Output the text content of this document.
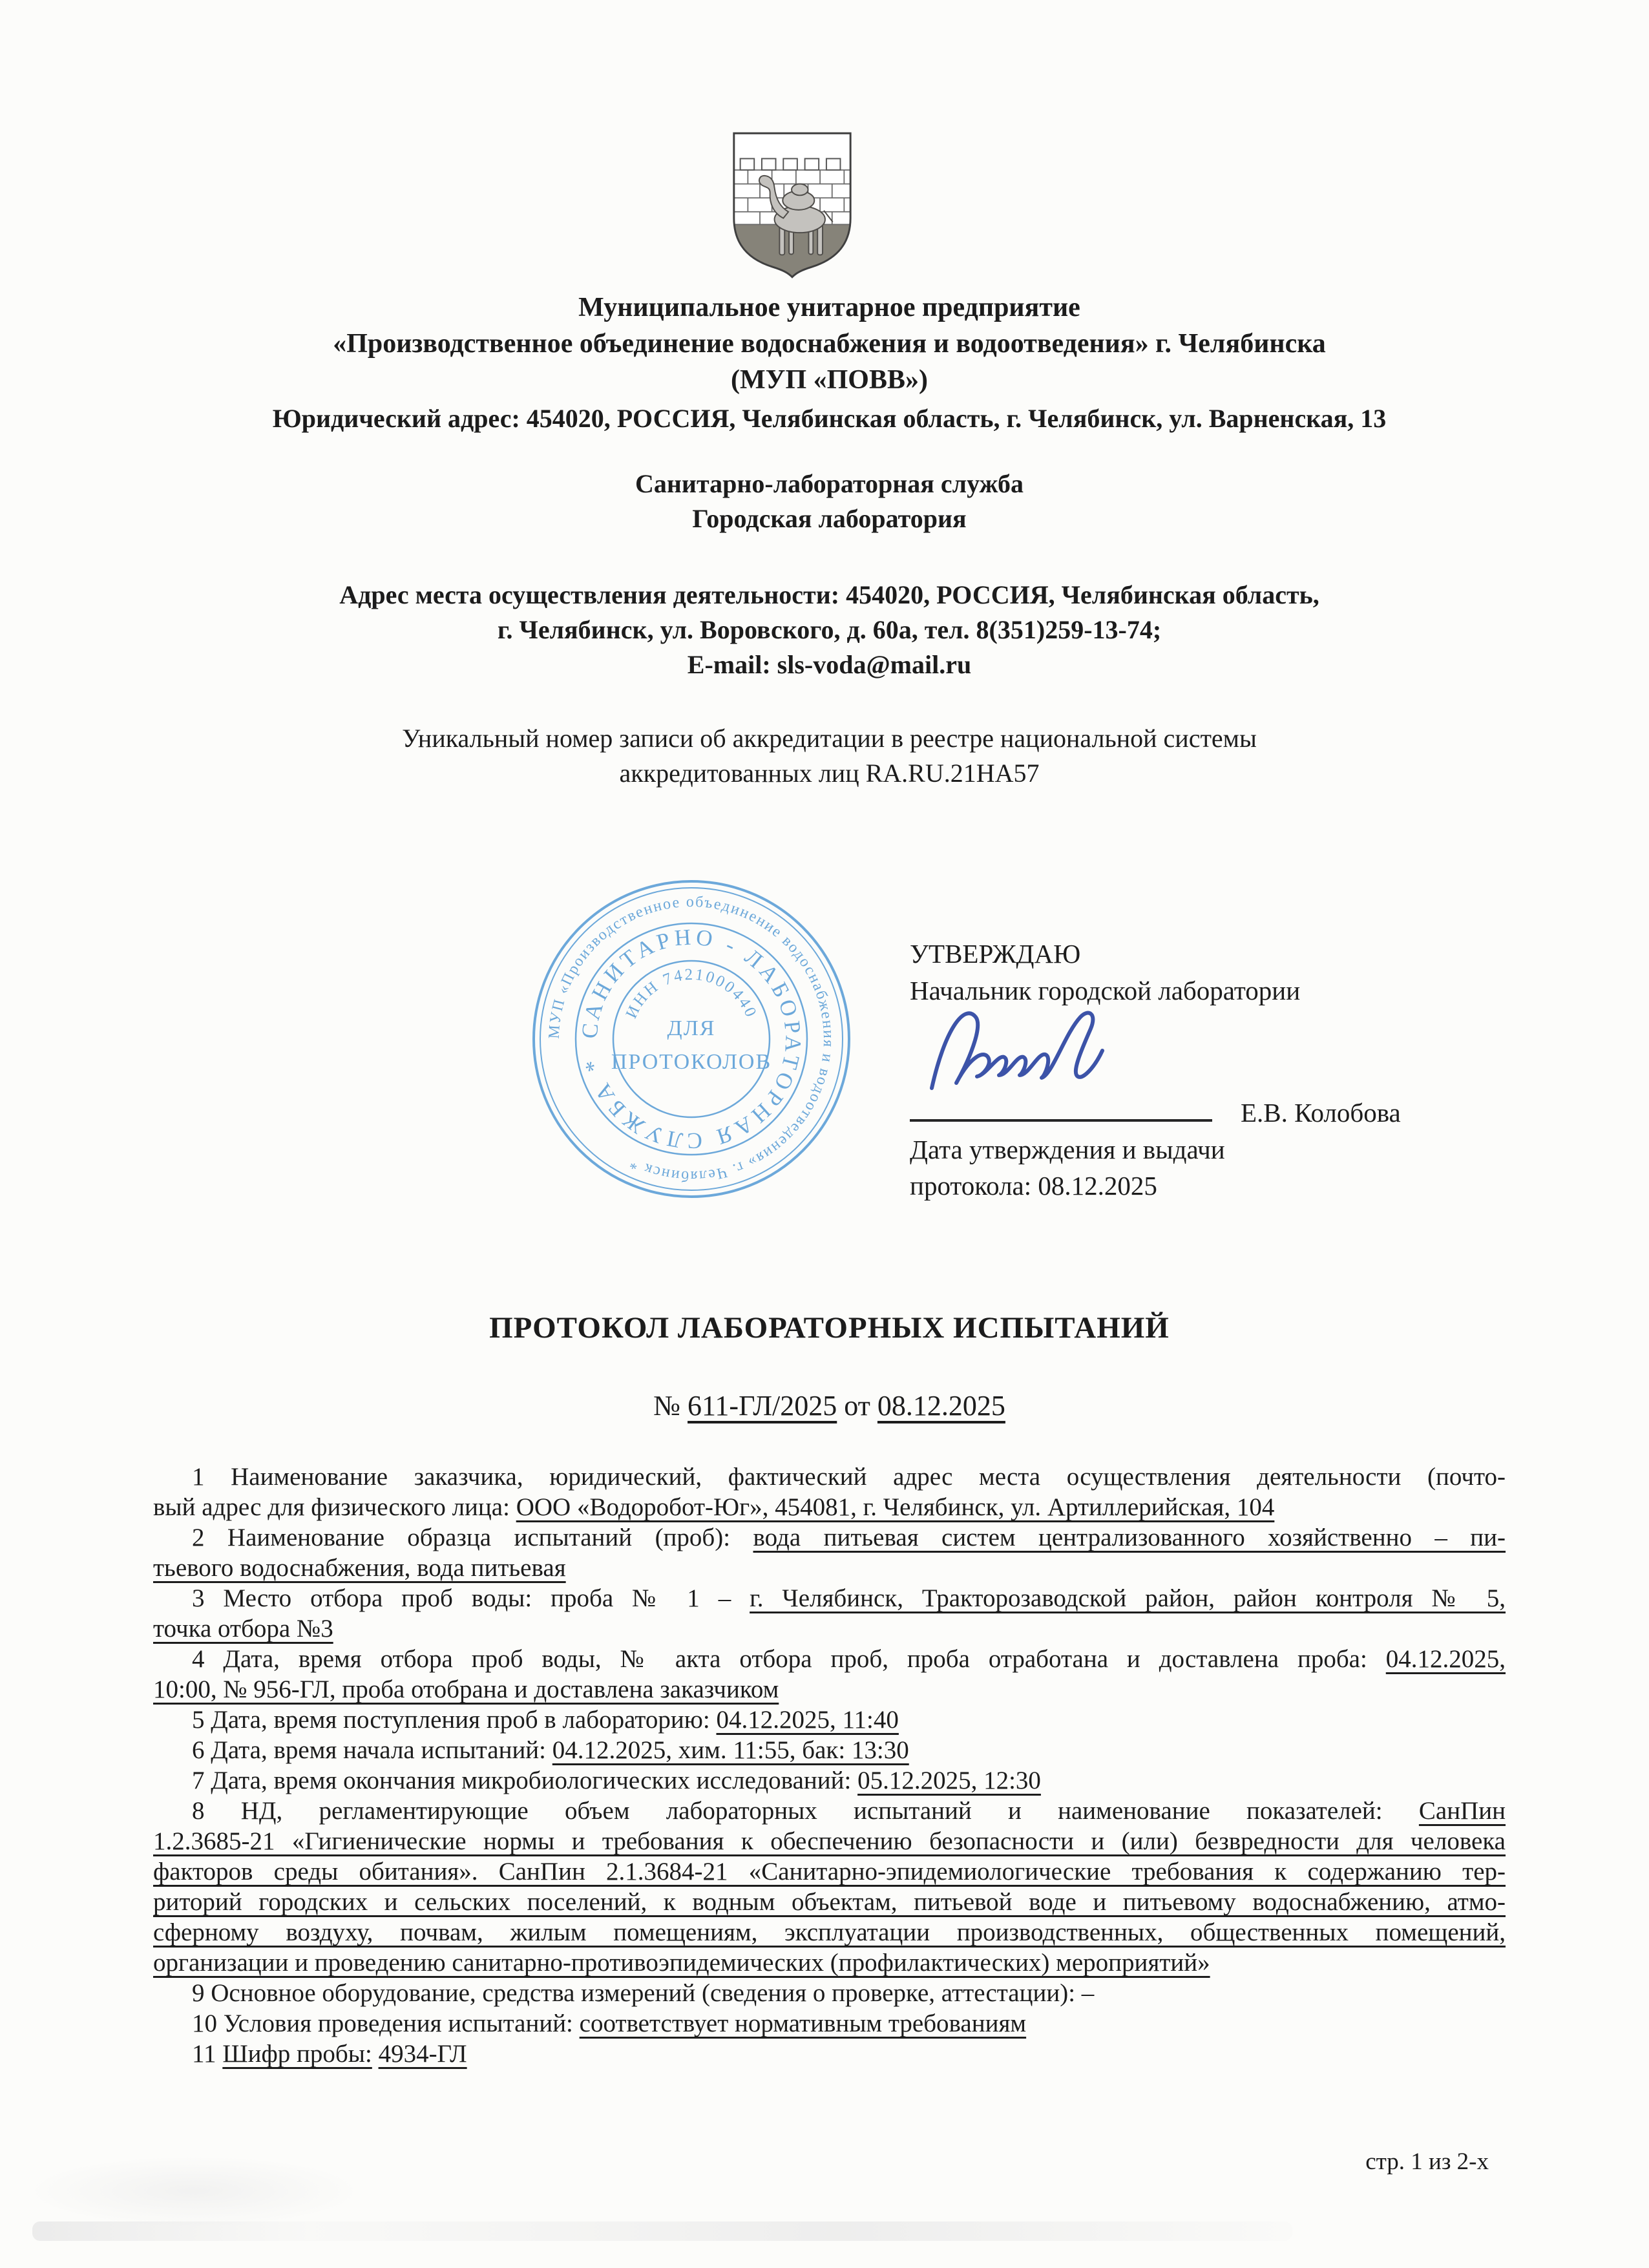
Муниципальное унитарное предприятие
«Производственное объединение водоснабжения и водоотведения» г. Челябинска
(МУП «ПОВВ»)
Юридический адрес: 454020, РОССИЯ, Челябинская область, г. Челябинск, ул. Варненская, 13
Санитарно-лабораторная служба
Городская лаборатория
Адрес места осуществления деятельности: 454020, РОССИЯ, Челябинская область,
г. Челябинск, ул. Воровского, д. 60а, тел. 8(351)259-13-74;
E-mail: sls-voda@mail.ru
Уникальный номер записи об аккредитации в реестре национальной системы
аккредитованных лиц RA.RU.21HA57
МУП «Производственное объединение водоснабжения и водоотведения» г. Челябинск *
САНИТАРНО - ЛАБОРАТОРНАЯ СЛУЖБА *
ИНН 7421000440
ДЛЯ
ПРОТОКОЛОВ
УТВЕРЖДАЮ
Начальник городской лаборатории
Е.В. Колобова
Дата утверждения и выдачи
протокола: 08.12.2025
ПРОТОКОЛ ЛАБОРАТОРНЫХ ИСПЫТАНИЙ
№ 611-ГЛ/2025 от 08.12.2025
1 Наименование заказчика, юридический, фактический адрес места осуществления деятельности (почто-
вый адрес для физического лица: ООО «Водоробот-Юг», 454081, г. Челябинск, ул. Артиллерийская, 104
2 Наименование образца испытаний (проб): вода питьевая систем централизованного хозяйственно – пи-
тьевого водоснабжения, вода питьевая
3 Место отбора проб воды: проба № 1 – г. Челябинск, Тракторозаводской район, район контроля № 5,
точка отбора №3
4 Дата, время отбора проб воды, № акта отбора проб, проба отработана и доставлена проба: 04.12.2025,
10:00, № 956-ГЛ, проба отобрана и доставлена заказчиком
5 Дата, время поступления проб в лабораторию: 04.12.2025, 11:40
6 Дата, время начала испытаний: 04.12.2025, хим. 11:55, бак: 13:30
7 Дата, время окончания микробиологических исследований: 05.12.2025, 12:30
8 НД, регламентирующие объем лабораторных испытаний и наименование показателей: СанПин
1.2.3685-21 «Гигиенические нормы и требования к обеспечению безопасности и (или) безвредности для человека
факторов среды обитания». СанПин 2.1.3684-21 «Санитарно-эпидемиологические требования к содержанию тер-
риторий городских и сельских поселений, к водным объектам, питьевой воде и питьевому водоснабжению, атмо-
сферному воздуху, почвам, жилым помещениям, эксплуатации производственных, общественных помещений,
организации и проведению санитарно-противоэпидемических (профилактических) мероприятий»
9 Основное оборудование, средства измерений (сведения о проверке, аттестации): –
10 Условия проведения испытаний: соответствует нормативным требованиям
11 Шифр пробы: 4934-ГЛ
стр. 1 из 2-х
